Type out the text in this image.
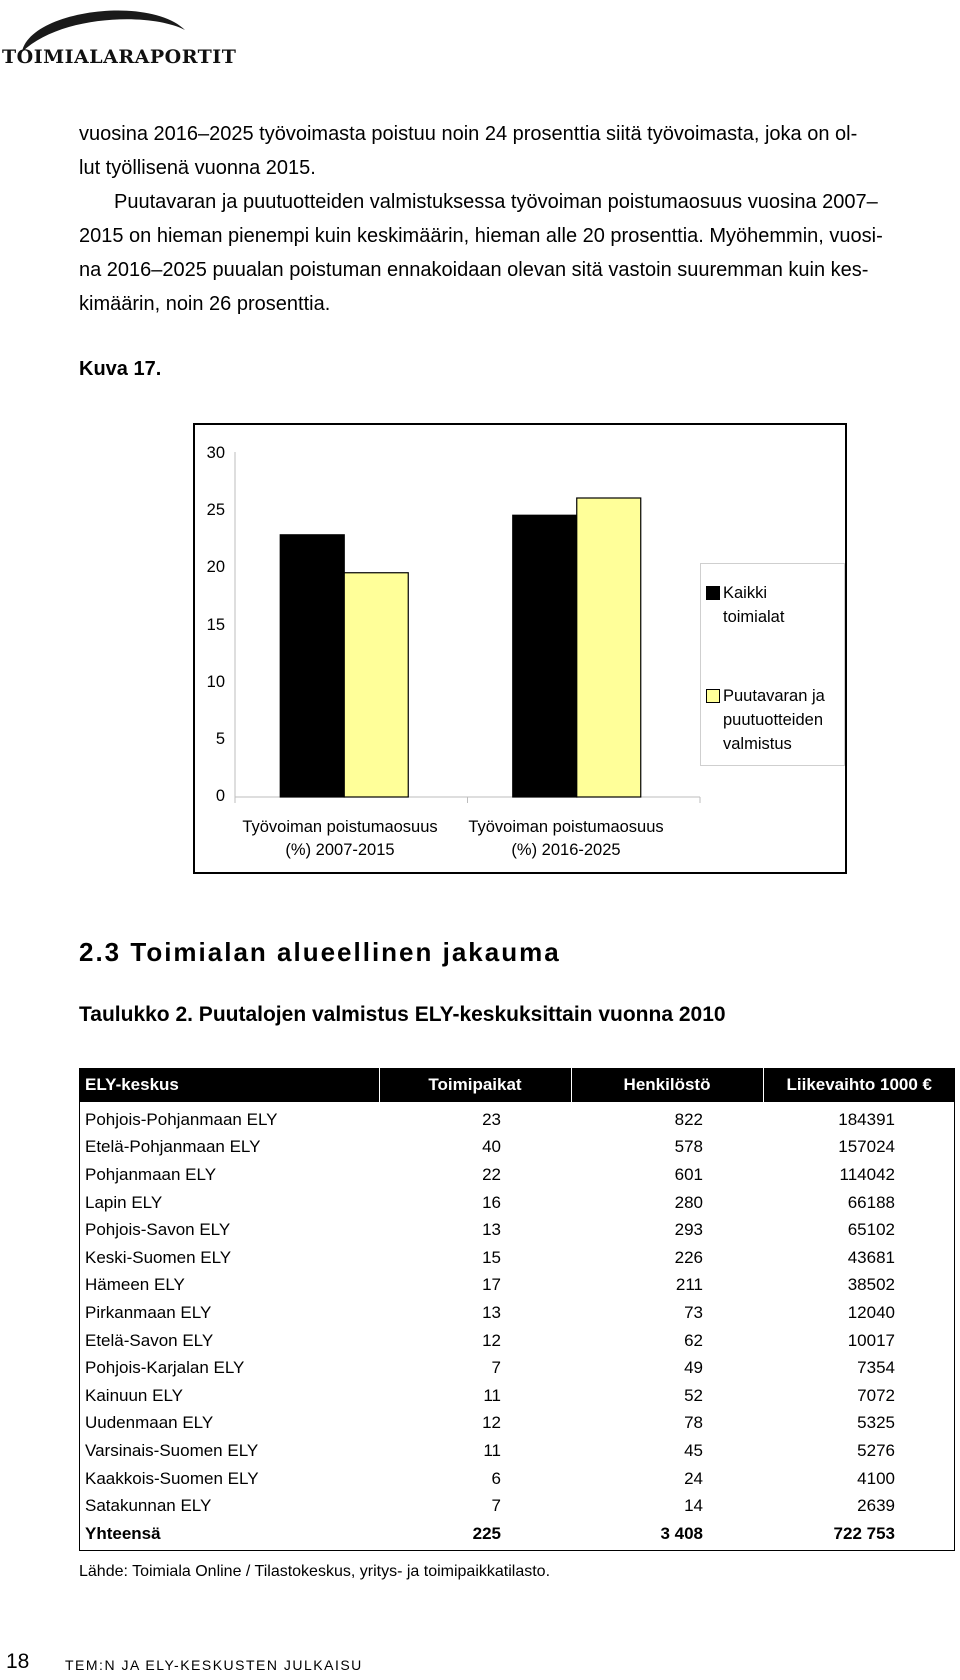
TOIMIALARAPORTIT

vuosina 2016–2025 työvoimasta poistuu noin 24 prosenttia siitä työvoimasta, joka on ol-

lut työllisenä vuonna 2015.

Puutavaran ja puutuotteiden valmistuksessa työvoiman poistumaosuus vuosina 2007–

2015 on hieman pienempi kuin keskimäärin, hieman alle 20 prosenttia. Myöhemmin, vuosi-

na 2016–2025 puualan poistuman ennakoidaan olevan sitä vastoin suuremman kuin kes-

kimäärin, noin 26 prosenttia.

Kuva 17.
30
25
20
15
10
5
0
Työvoiman poistumaosuus
(%) 2007-2015
Työvoiman poistumaosuus
(%) 2016-2025
Kaikki
toimialat
Puutavaran ja
puutuotteiden
valmistus
2.3 Toimialan alueellinen jakauma
Taulukko 2. Puutalojen valmistus ELY-keskuksittain vuonna 2010
ELY-keskus	Toimipaikat	Henkilöstö	Liikevaihto 1000 €
Pohjois-Pohjanmaan ELY	23	822	184391
Etelä-Pohjanmaan ELY	40	578	157024
Pohjanmaan ELY	22	601	114042
Lapin ELY	16	280	66188
Pohjois-Savon ELY	13	293	65102
Keski-Suomen ELY	15	226	43681
Hämeen ELY	17	211	38502
Pirkanmaan ELY	13	73	12040
Etelä-Savon ELY	12	62	10017
Pohjois-Karjalan ELY	7	49	7354
Kainuun ELY	11	52	7072
Uudenmaan ELY	12	78	5325
Varsinais-Suomen ELY	11	45	5276
Kaakkois-Suomen ELY	6	24	4100
Satakunnan ELY	7	14	2639
Yhteensä	225	3 408	722 753
Lähde: Toimiala Online / Tilastokeskus, yritys- ja toimipaikkatilasto.
18	TEM:N JA ELY-KESKUSTEN JULKAISU
